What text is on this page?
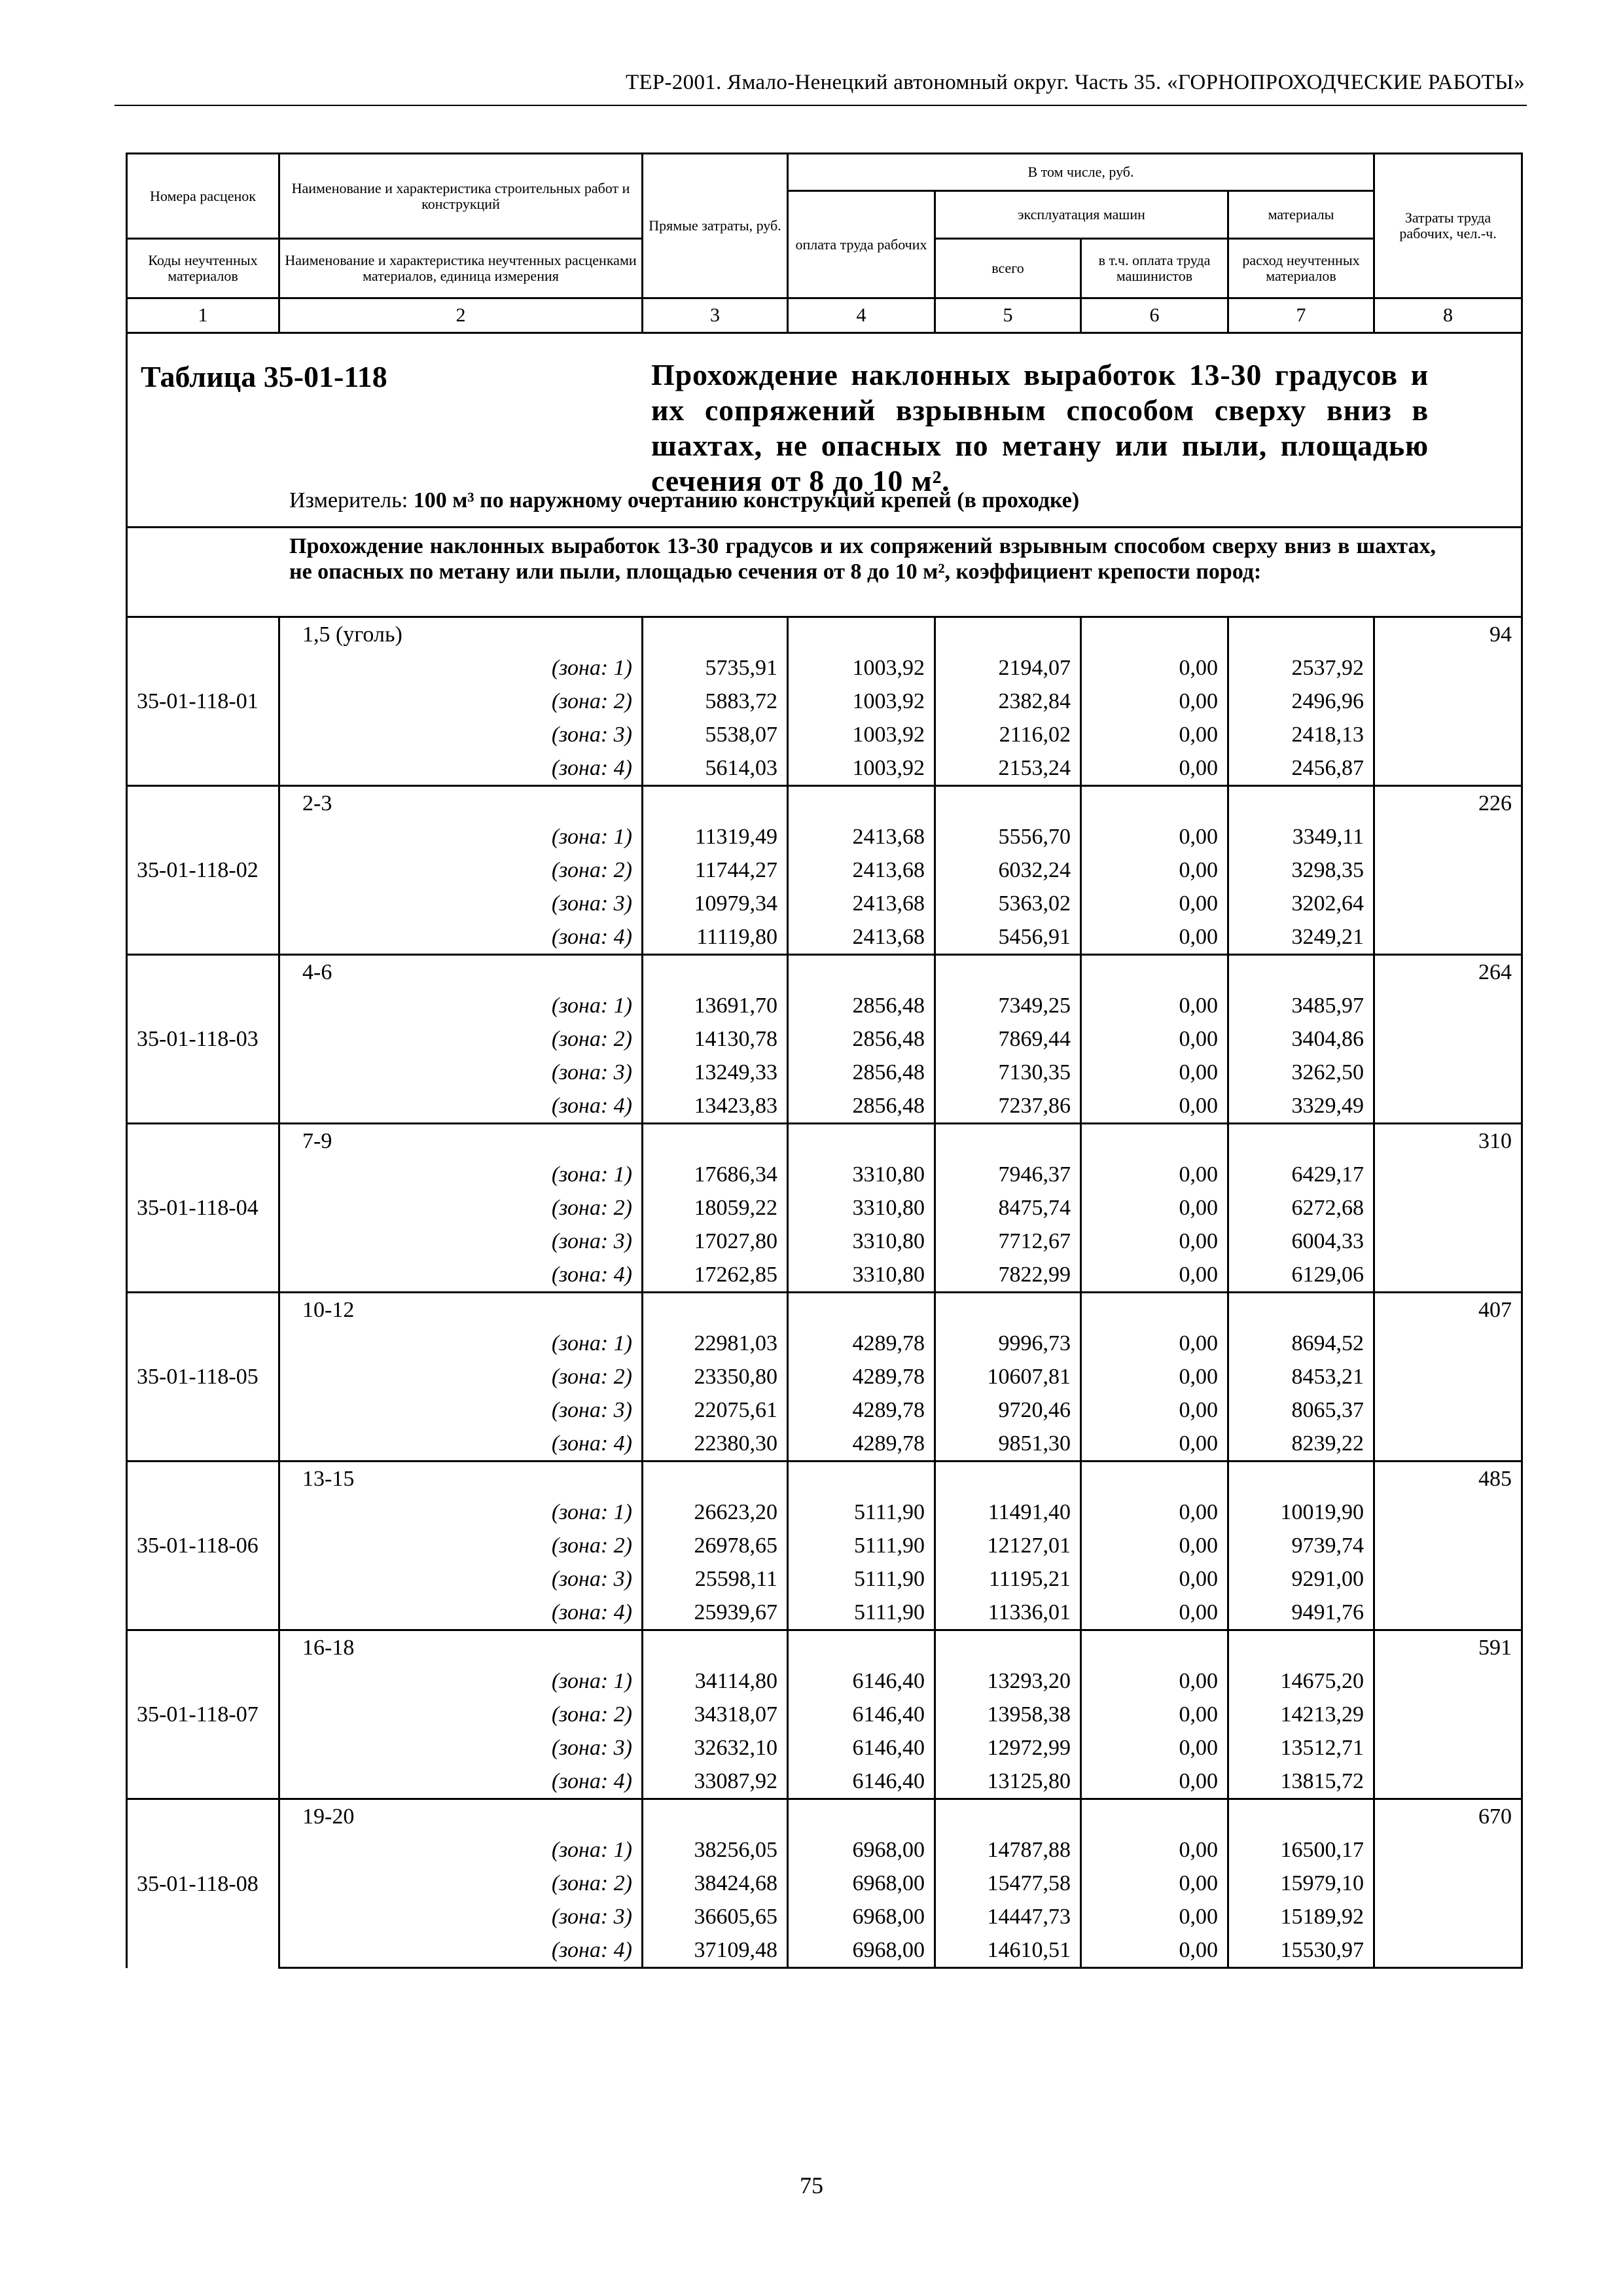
ТЕР-2001. Ямало-Ненецкий автономный округ. Часть 35. «ГОРНОПРОХОДЧЕСКИЕ РАБОТЫ»
Номера расценок	Наименование и характеристика строительных работ и конструкций	Прямые затраты, руб.	В том числе, руб.				Затраты труда рабочих, чел.-ч.
			оплата труда рабочих	эксплуатация машин		материалы	
Коды неучтенных материалов	Наименование и характеристика неучтенных расценками материалов, единица измерения			всего	в т.ч. оплата труда машинистов	расход неучтенных материалов	
1	2	3	4	5	6	7	8

Таблица 35-01-118 Прохождение наклонных выработок 13-30 градусов и их сопряжений взрывным способом сверху вниз в шахтах, не опасных по метану или пыли, площадью сечения от 8 до 10 м².
Измеритель: 100 м³ по наружному очертанию конструкций крепей (в проходке)							

Прохождение наклонных выработок 13-30 градусов и их сопряжений взрывным способом сверху вниз в шахтах, не опасных по метану или пыли, площадью сечения от 8 до 10 м², коэффициент крепости пород:							

35-01-118-01	1,5 (уголь)						94
	(зона: 1)	5735,91	1003,92	2194,07	0,00	2537,92	
	(зона: 2)	5883,72	1003,92	2382,84	0,00	2496,96	
	(зона: 3)	5538,07	1003,92	2116,02	0,00	2418,13	
	(зона: 4)	5614,03	1003,92	2153,24	0,00	2456,87	
35-01-118-02	2-3						226
	(зона: 1)	11319,49	2413,68	5556,70	0,00	3349,11	
	(зона: 2)	11744,27	2413,68	6032,24	0,00	3298,35	
	(зона: 3)	10979,34	2413,68	5363,02	0,00	3202,64	
	(зона: 4)	11119,80	2413,68	5456,91	0,00	3249,21	
35-01-118-03	4-6						264
	(зона: 1)	13691,70	2856,48	7349,25	0,00	3485,97	
	(зона: 2)	14130,78	2856,48	7869,44	0,00	3404,86	
	(зона: 3)	13249,33	2856,48	7130,35	0,00	3262,50	
	(зона: 4)	13423,83	2856,48	7237,86	0,00	3329,49	
35-01-118-04	7-9						310
	(зона: 1)	17686,34	3310,80	7946,37	0,00	6429,17	
	(зона: 2)	18059,22	3310,80	8475,74	0,00	6272,68	
	(зона: 3)	17027,80	3310,80	7712,67	0,00	6004,33	
	(зона: 4)	17262,85	3310,80	7822,99	0,00	6129,06	
35-01-118-05	10-12						407
	(зона: 1)	22981,03	4289,78	9996,73	0,00	8694,52	
	(зона: 2)	23350,80	4289,78	10607,81	0,00	8453,21	
	(зона: 3)	22075,61	4289,78	9720,46	0,00	8065,37	
	(зона: 4)	22380,30	4289,78	9851,30	0,00	8239,22	
35-01-118-06	13-15						485
	(зона: 1)	26623,20	5111,90	11491,40	0,00	10019,90	
	(зона: 2)	26978,65	5111,90	12127,01	0,00	9739,74	
	(зона: 3)	25598,11	5111,90	11195,21	0,00	9291,00	
	(зона: 4)	25939,67	5111,90	11336,01	0,00	9491,76	
35-01-118-07	16-18						591
	(зона: 1)	34114,80	6146,40	13293,20	0,00	14675,20	
	(зона: 2)	34318,07	6146,40	13958,38	0,00	14213,29	
	(зона: 3)	32632,10	6146,40	12972,99	0,00	13512,71	
	(зона: 4)	33087,92	6146,40	13125,80	0,00	13815,72	
35-01-118-08	19-20						670
	(зона: 1)	38256,05	6968,00	14787,88	0,00	16500,17	
	(зона: 2)	38424,68	6968,00	15477,58	0,00	15979,10	
	(зона: 3)	36605,65	6968,00	14447,73	0,00	15189,92	
	(зона: 4)	37109,48	6968,00	14610,51	0,00	15530,97	
75
